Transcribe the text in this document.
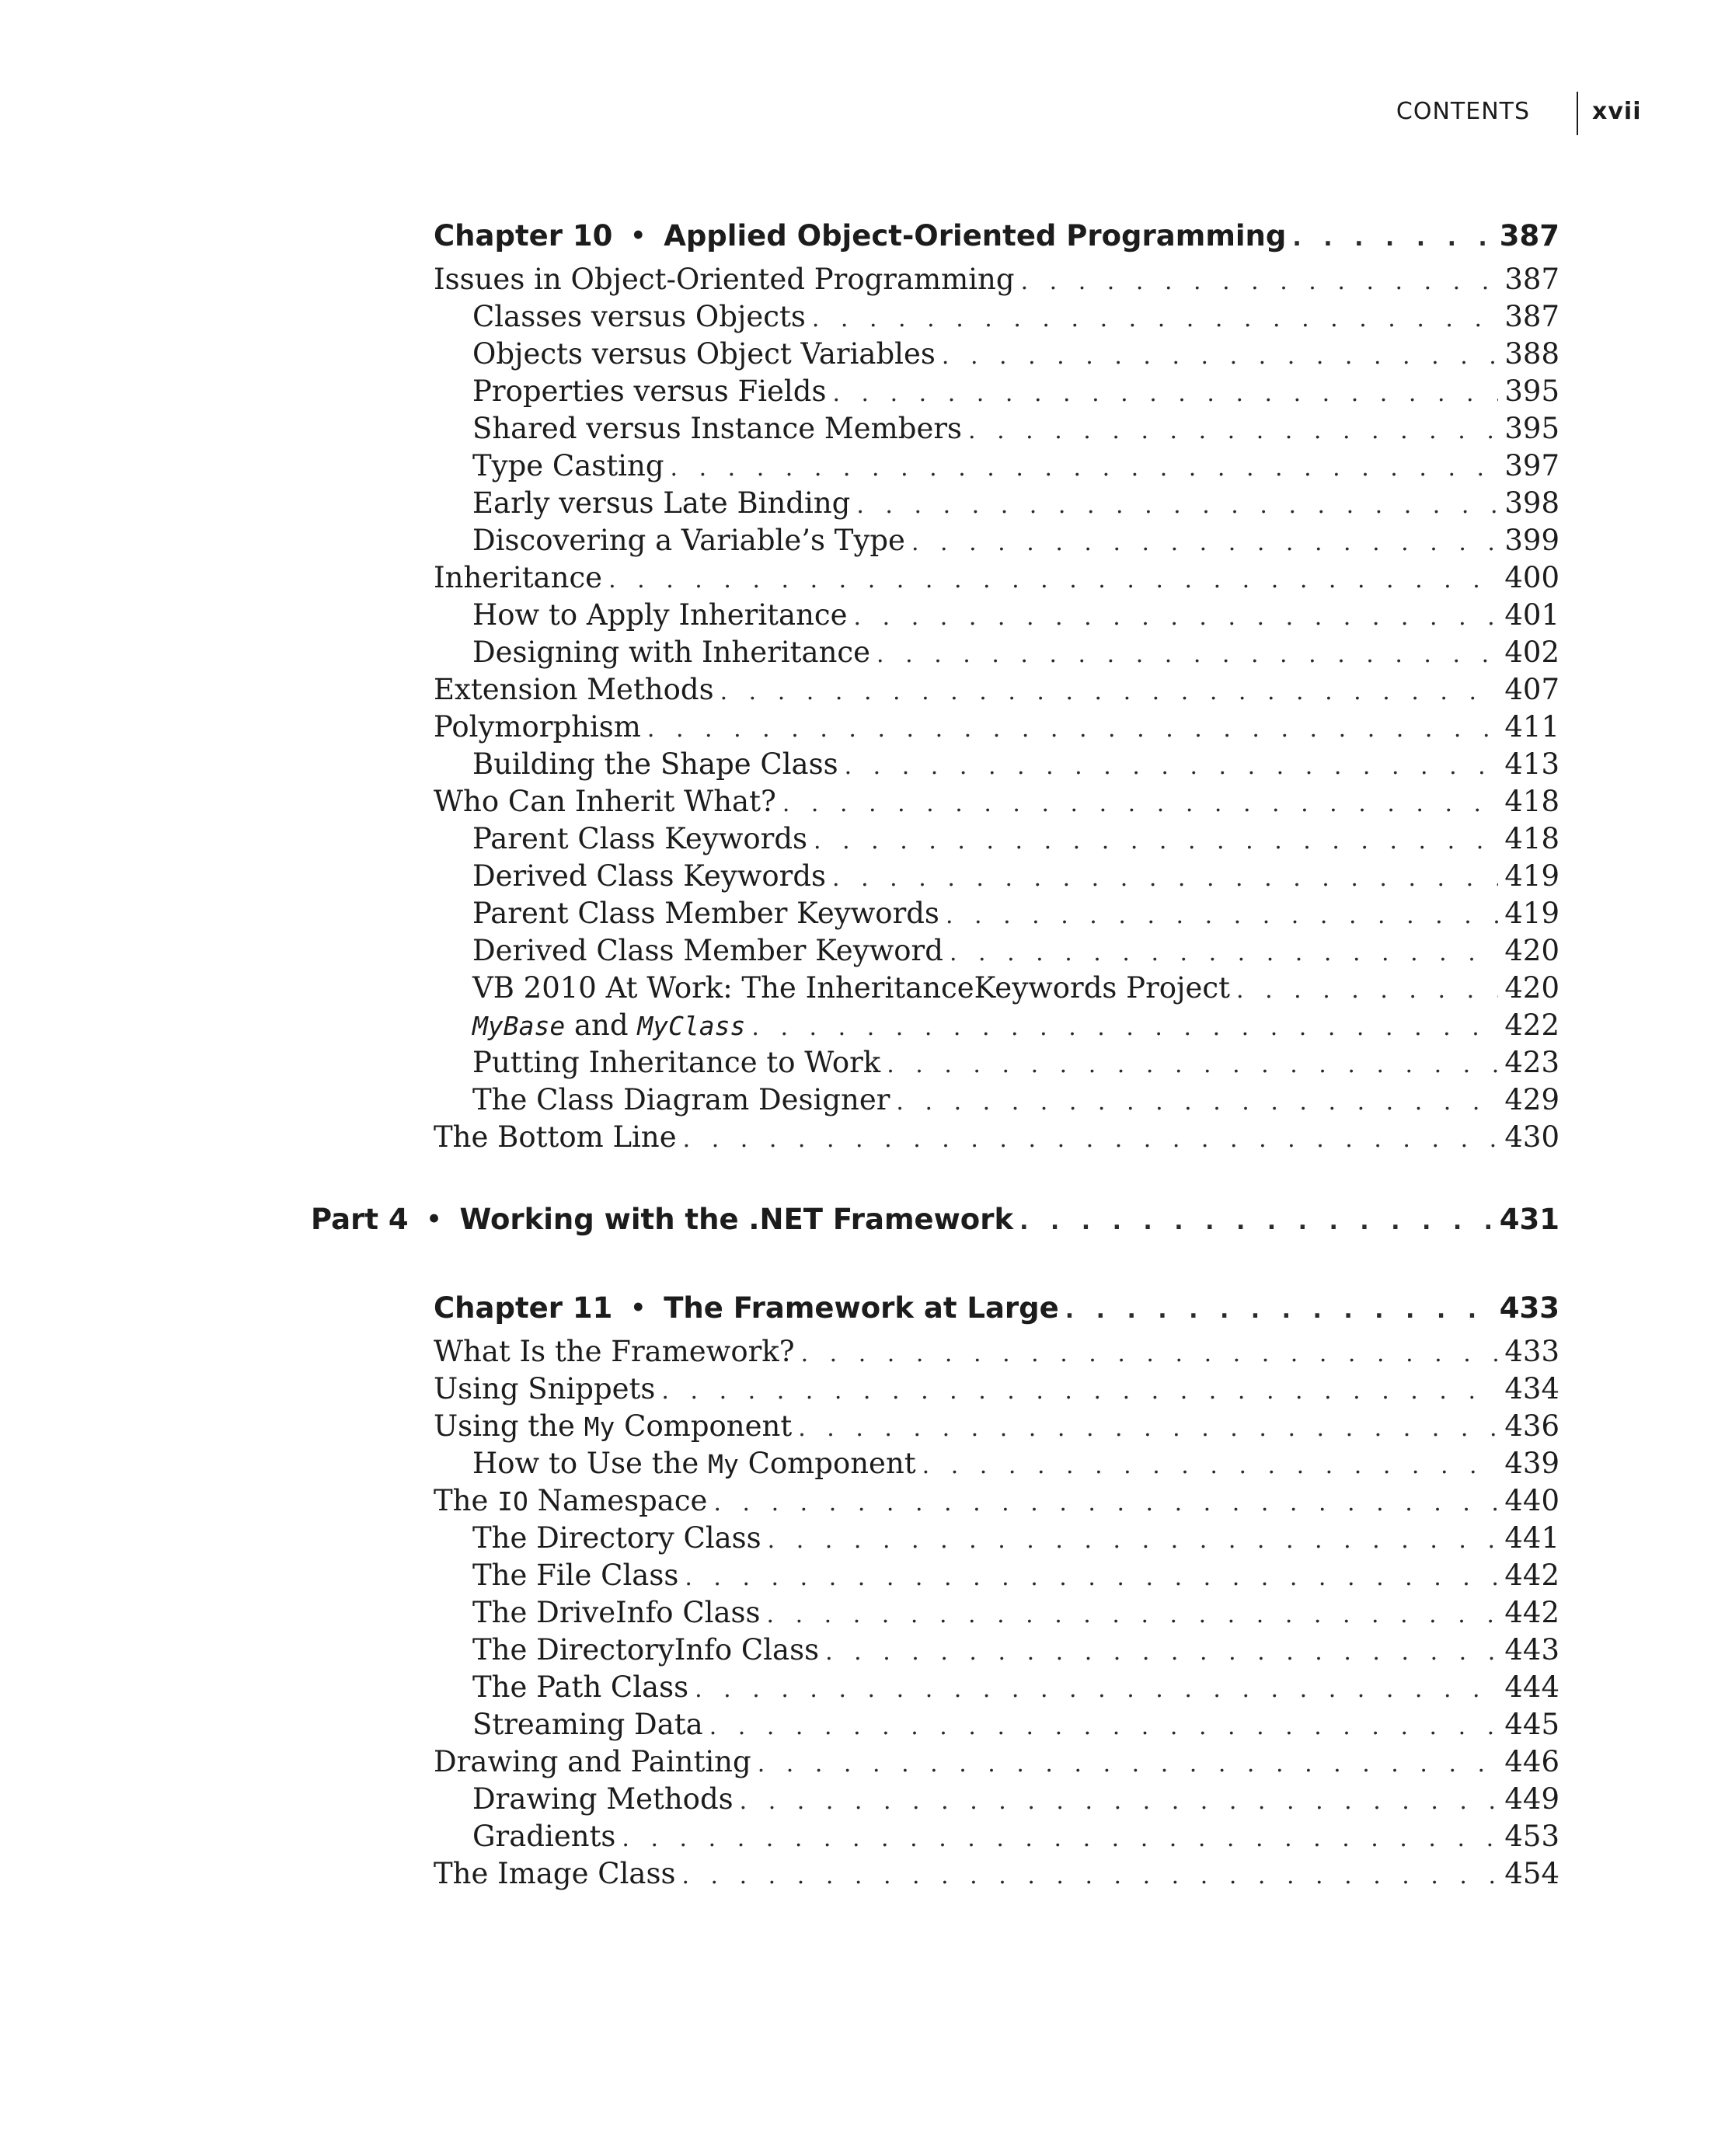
CONTENTS	xvii
Chapter 10 • Applied Object-Oriented Programming . . .	387
Issues in Object-Oriented Programming . . .	387
Classes versus Objects . . .	387
Objects versus Object Variables . . .	388
Properties versus Fields . . .	395
Shared versus Instance Members . . .	395
Type Casting . . .	397
Early versus Late Binding . . .	398
Discovering a Variable’s Type . . .	399
Inheritance . . .	400
How to Apply Inheritance . . .	401
Designing with Inheritance . . .	402
Extension Methods . . .	407
Polymorphism . . .	411
Building the Shape Class . . .	413
Who Can Inherit What? . . .	418
Parent Class Keywords . . .	418
Derived Class Keywords . . .	419
Parent Class Member Keywords . . .	419
Derived Class Member Keyword . . .	420
VB 2010 At Work: The InheritanceKeywords Project . . .	420
MyBase and MyClass . . .	422
Putting Inheritance to Work . . .	423
The Class Diagram Designer . . .	429
The Bottom Line . . .	430
Part 4 • Working with the .NET Framework . . .	431
Chapter 11 • The Framework at Large . . .	433
What Is the Framework? . . .	433
Using Snippets . . .	434
Using the My Component . . .	436
How to Use the My Component . . .	439
The IO Namespace . . .	440
The Directory Class . . .	441
The File Class . . .	442
The DriveInfo Class . . .	442
The DirectoryInfo Class . . .	443
The Path Class . . .	444
Streaming Data . . .	445
Drawing and Painting . . .	446
Drawing Methods . . .	449
Gradients . . .	453
The Image Class . . .	454
